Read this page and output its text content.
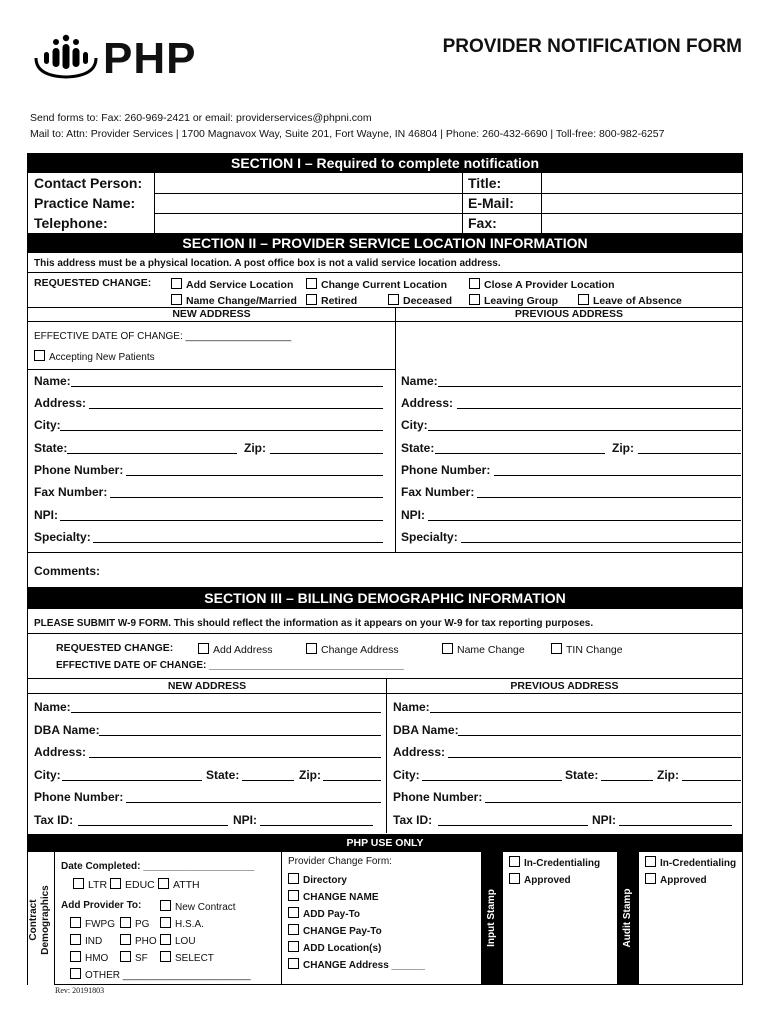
PHP	PROVIDER NOTIFICATION FORM
Send forms to: Fax: 260-969-2421 or email: providerservices@phpni.com
Mail to: Attn: Provider Services | 1700 Magnavox Way, Suite 201, Fort Wayne, IN 46804 | Phone: 260-432-6690 | Toll-free: 800-982-6257
SECTION I – Required to complete notification
Contact Person:
Practice Name:
Telephone:
Title:
E-Mail:
Fax:
SECTION II – PROVIDER SERVICE LOCATION INFORMATION
This address must be a physical location. A post office box is not a valid service location address.
REQUESTED CHANGE:	Add Service Location	Change Current Location	Close A Provider Location
Name Change/Married	Retired	Deceased	Leaving Group	Leave of Absence
NEW ADDRESS	PREVIOUS ADDRESS
EFFECTIVE DATE OF CHANGE: ___________________
Accepting New Patients
Name:
Address:
City:
State:	Zip:
Phone Number:
Fax Number:
NPI:
Specialty:
Name:
Address:
City:
State:	Zip:
Phone Number:
Fax Number:
NPI:
Specialty:
Comments:
SECTION III – BILLING DEMOGRAPHIC INFORMATION
PLEASE SUBMIT W-9 FORM. This should reflect the information as it appears on your W-9 for tax reporting purposes.
REQUESTED CHANGE:	Add Address	Change Address	Name Change	TIN Change
EFFECTIVE DATE OF CHANGE: ___________________________________
NEW ADDRESS	PREVIOUS ADDRESS
Name:
DBA Name:
Address:
City:	State:	Zip:
Phone Number:
Tax ID:	NPI:
Name:
DBA Name:
Address:
City:	State:	Zip:
Phone Number:
Tax ID:	NPI:
PHP USE ONLY
Contract Demographics
Date Completed: ____________________
LTR	EDUC	ATTH
Add Provider To:	New Contract
FWPG	PG	H.S.A.
IND	PHO	LOU
HMO	SF	SELECT
OTHER _______________________
Provider Change Form:
Directory
CHANGE NAME
ADD Pay-To
CHANGE Pay-To
ADD Location(s)
CHANGE Address ______
Input Stamp
In-Credentialing
Approved
Audit Stamp
In-Credentialing
Approved
Rev: 20191803
